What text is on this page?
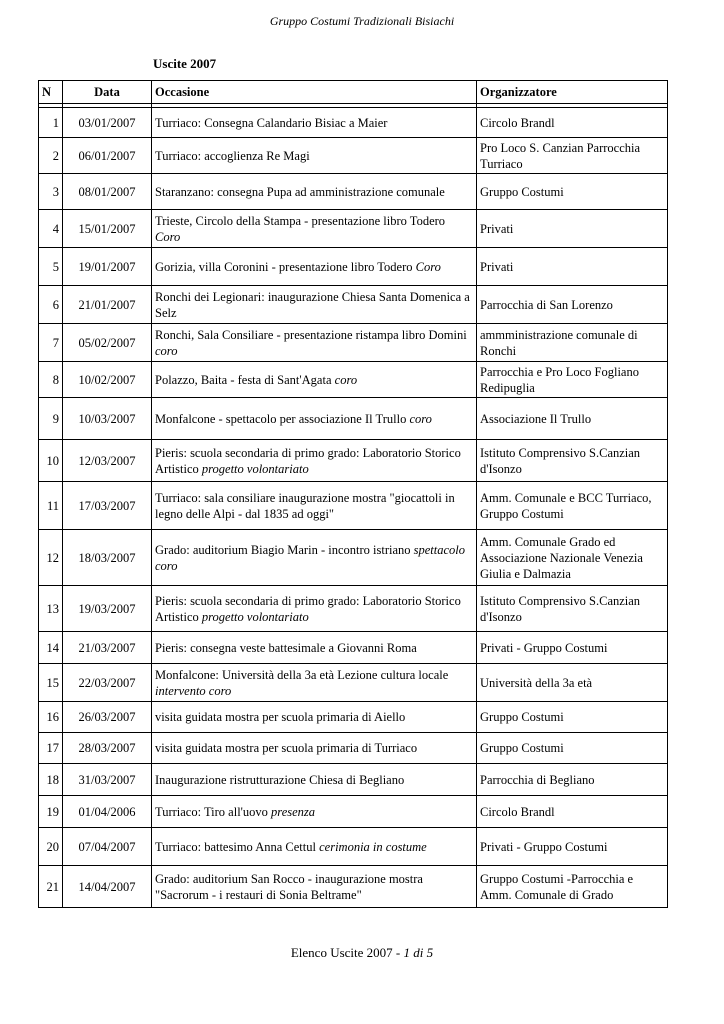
Gruppo Costumi Tradizionali Bisiachi
Uscite 2007
N	Data	Occasione	Organizzatore

1	03/01/2007	Turriaco: Consegna Calandario Bisiac a Maier	Circolo Brandl
2	06/01/2007	Turriaco: accoglienza Re Magi	Pro Loco S. Canzian Parrocchia Turriaco
3	08/01/2007	Staranzano: consegna Pupa ad amministrazione comunale	Gruppo Costumi
4	15/01/2007	Trieste, Circolo della Stampa - presentazione libro Todero Coro	Privati
5	19/01/2007	Gorizia, villa Coronini - presentazione libro Todero Coro	Privati
6	21/01/2007	Ronchi dei Legionari: inaugurazione Chiesa Santa Domenica a Selz	Parrocchia di San Lorenzo
7	05/02/2007	Ronchi, Sala Consiliare - presentazione ristampa libro Domini coro	ammministrazione comunale di Ronchi
8	10/02/2007	Polazzo, Baita - festa di Sant'Agata coro	Parrocchia e Pro Loco Fogliano Redipuglia
9	10/03/2007	Monfalcone - spettacolo per associazione Il Trullo coro	Associazione Il Trullo
10	12/03/2007	Pieris: scuola secondaria di primo grado: Laboratorio Storico Artistico progetto volontariato	Istituto Comprensivo S.Canzian d'Isonzo
11	17/03/2007	Turriaco: sala consiliare inaugurazione mostra "giocattoli in legno delle Alpi - dal 1835 ad oggi"	Amm. Comunale e BCC Turriaco, Gruppo Costumi
12	18/03/2007	Grado: auditorium Biagio Marin - incontro istriano spettacolo coro	Amm. Comunale Grado ed Associazione Nazionale Venezia Giulia e Dalmazia
13	19/03/2007	Pieris: scuola secondaria di primo grado: Laboratorio Storico Artistico progetto volontariato	Istituto Comprensivo S.Canzian d'Isonzo
14	21/03/2007	Pieris: consegna veste battesimale a Giovanni Roma	Privati - Gruppo Costumi
15	22/03/2007	Monfalcone: Università della 3a età Lezione cultura locale intervento coro	Università della 3a età
16	26/03/2007	visita guidata mostra per scuola primaria di Aiello	Gruppo Costumi
17	28/03/2007	visita guidata mostra per scuola primaria di Turriaco	Gruppo Costumi
18	31/03/2007	Inaugurazione ristrutturazione Chiesa di Begliano	Parrocchia di Begliano
19	01/04/2006	Turriaco: Tiro all'uovo presenza	Circolo Brandl
20	07/04/2007	Turriaco: battesimo Anna Cettul cerimonia in costume	Privati - Gruppo Costumi
21	14/04/2007	Grado: auditorium San Rocco - inaugurazione mostra "Sacrorum - i restauri di Sonia Beltrame"	Gruppo Costumi -Parrocchia e Amm. Comunale di Grado
Elenco Uscite 2007 - 1 di 5
